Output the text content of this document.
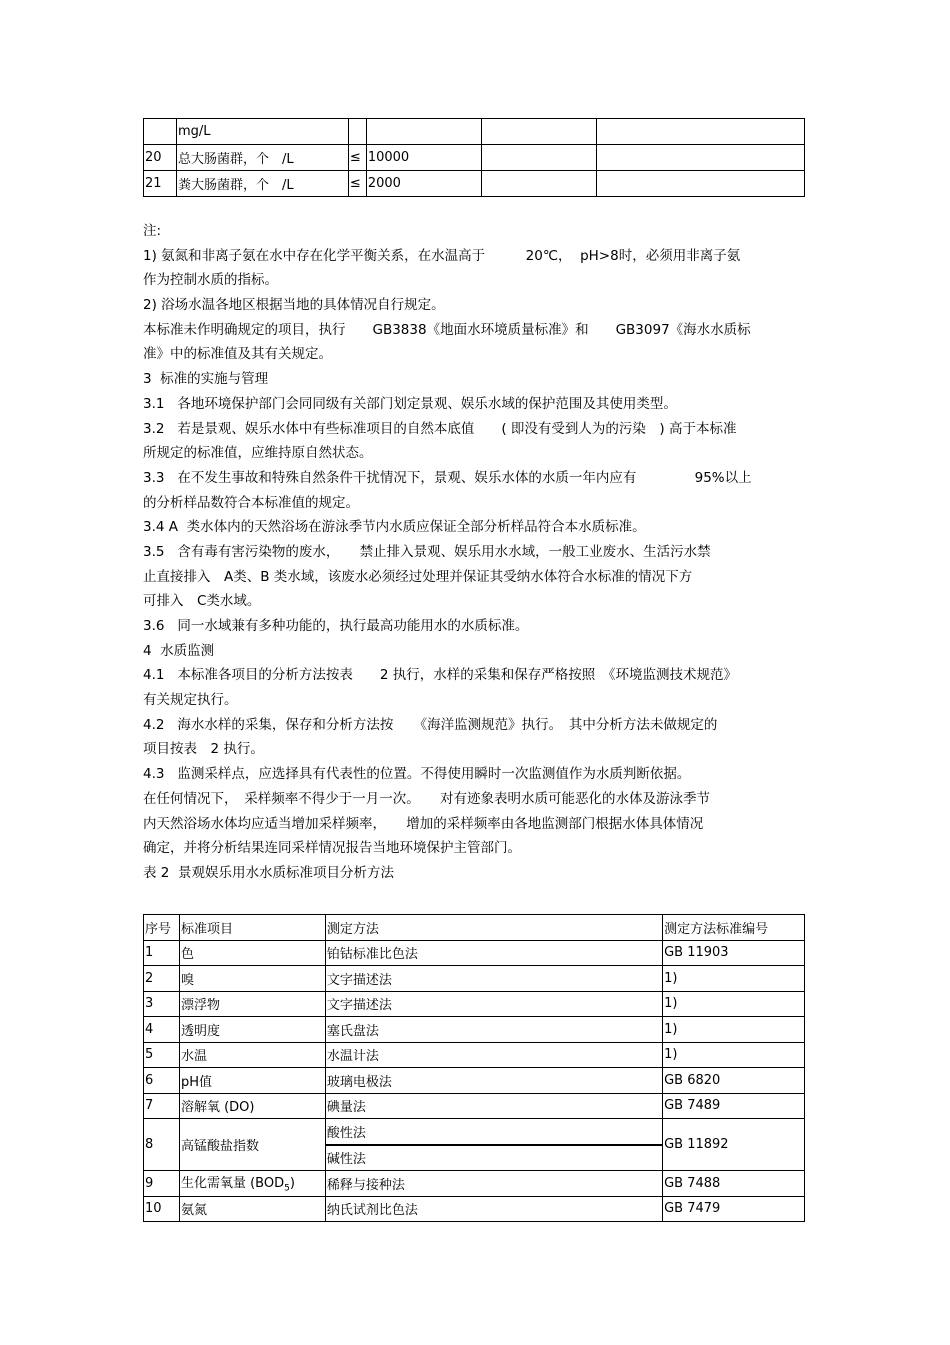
	mg/L				
20	总大肠菌群，个　/L	≤	10000		
21	粪大肠菌群，个　/L	≤	2000		
注:
1) 氨氮和非离子氨在水中存在化学平衡关系，在水温高于　　　20℃，  pH>8时，必须用非离子氨
作为控制水质的指标。
2) 浴场水温各地区根据当地的具体情况自行规定。
本标准未作明确规定的项目，执行　　GB3838《地面水环境质量标准》和　　GB3097《海水水质标
准》中的标准值及其有关规定。
3  标准的实施与管理
3.1   各地环境保护部门会同同级有关部门划定景观、娱乐水域的保护范围及其使用类型。
3.2   若是景观、娱乐水体中有些标准项目的自然本底值　　( 即没有受到人为的污染　) 高于本标准
所规定的标准值，应维持原自然状态。
3.3   在不发生事故和特殊自然条件干扰情况下，景观、娱乐水体的水质一年内应有　　　　 95%以上
的分析样品数符合本标准值的规定。
3.4 A  类水体内的天然浴场在游泳季节内水质应保证全部分析样品符合本水质标准。
3.5   含有毒有害污染物的废水，　　禁止排入景观、娱乐用水水域，一般工业废水、生活污水禁
止直接排入　A类、B 类水域，该废水必须经过处理并保证其受纳水体符合水标准的情况下方
可排入　C类水域。
3.6   同一水域兼有多种功能的，执行最高功能用水的水质标准。
4  水质监测
4.1   本标准各项目的分析方法按表　　2 执行，水样的采集和保存严格按照　《环境监测技术规范》
有关规定执行。
4.2   海水水样的采集，保存和分析方法按　　《海洋监测规范》执行。　其中分析方法未做规定的
项目按表　2 执行。
4.3   监测采样点，应选择具有代表性的位置。不得使用瞬时一次监测值作为水质判断依据。
在任何情况下，　采样频率不得少于一月一次。　　对有迹象表明水质可能恶化的水体及游泳季节
内天然浴场水体均应适当增加采样频率，　　增加的采样频率由各地监测部门根据水体具体情况
确定，并将分析结果连同采样情况报告当地环境保护主管部门。
表 2  景观娱乐用水水质标准项目分析方法
序号	标准项目	测定方法	测定方法标准编号
1	色	铂钴标准比色法	GB 11903
2	嗅	文字描述法	1)
3	漂浮物	文字描述法	1)
4	透明度	塞氏盘法	1)
5	水温	水温计法	1)
6	pH值	玻璃电极法	GB 6820
7	溶解氧 (DO)	碘量法	GB 7489
8	高锰酸盐指数	酸性法	GB 11892
		碱性法	
9	生化需氧量 $(BOD_5)$	稀释与接种法	GB 7488
10	氨氮	纳氏试剂比色法	GB 7479
